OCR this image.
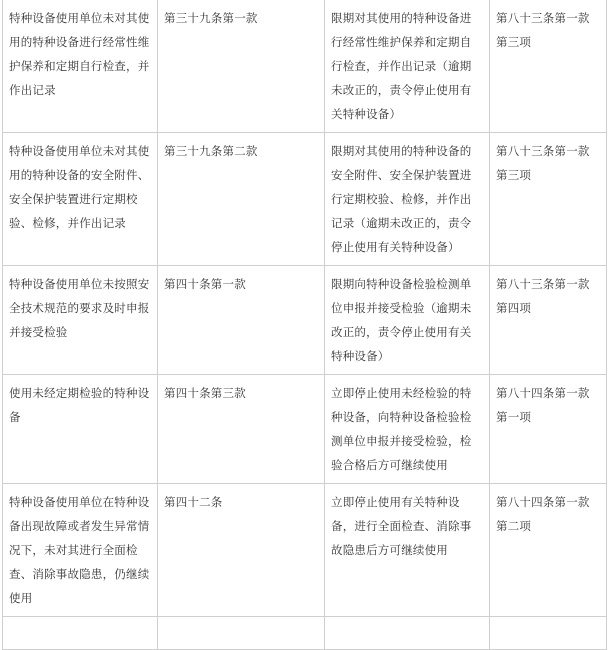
特种设备使用单位未对其使用的特种设备进行经常性维护保养和定期自行检查，并作出记录	第三十九条第一款	限期对其使用的特种设备进行经常性维护保养和定期自行检查，并作出记录（逾期未改正的，责令停止使用有关特种设备）	第八十三条第一款第三项
特种设备使用单位未对其使用的特种设备的安全附件、安全保护装置进行定期校验、检修，并作出记录	第三十九条第二款	限期对其使用的特种设备的安全附件、安全保护装置进行定期校验、检修，并作出记录（逾期未改正的，责令停止使用有关特种设备）	第八十三条第一款第三项
特种设备使用单位未按照安全技术规范的要求及时申报并接受检验	第四十条第一款	限期向特种设备检验检测单位申报并接受检验（逾期未改正的，责令停止使用有关特种设备）	第八十三条第一款第四项
使用未经定期检验的特种设备	第四十条第三款	立即停止使用未经检验的特种设备，向特种设备检验检测单位申报并接受检验，检验合格后方可继续使用	第八十四条第一款第一项
特种设备使用单位在特种设备出现故障或者发生异常情况下，未对其进行全面检查、消除事故隐患，仍继续使用	第四十二条	立即停止使用有关特种设备，进行全面检查、消除事故隐患后方可继续使用	第八十四条第一款第二项
